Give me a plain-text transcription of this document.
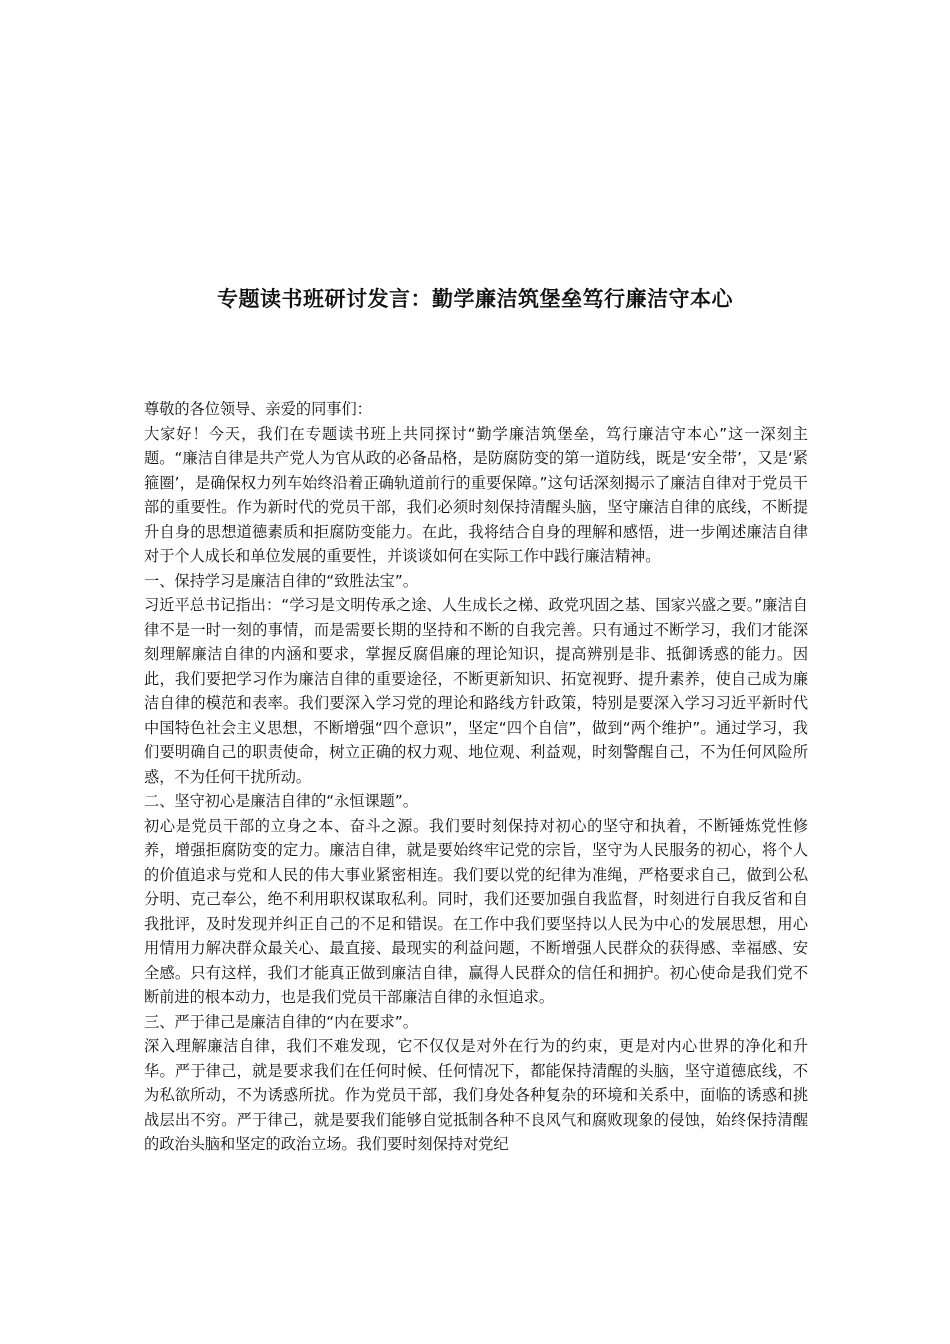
专题读书班研讨发言：勤学廉洁筑堡垒笃行廉洁守本心

尊敬的各位领导、亲爱的同事们：

大家好！今天，我们在专题读书班上共同探讨“勤学廉洁筑堡垒，笃行廉洁守本心”这一深刻主题。“廉洁自律是共产党人为官从政的必备品格，是防腐防变的第一道防线，既是‘安全带’，又是‘紧箍圈’，是确保权力列车始终沿着正确轨道前行的重要保障。”这句话深刻揭示了廉洁自律对于党员干部的重要性。作为新时代的党员干部，我们必须时刻保持清醒头脑，坚守廉洁自律的底线，不断提升自身的思想道德素质和拒腐防变能力。在此，我将结合自身的理解和感悟，进一步阐述廉洁自律对于个人成长和单位发展的重要性，并谈谈如何在实际工作中践行廉洁精神。

一、保持学习是廉洁自律的“致胜法宝”。

习近平总书记指出：“学习是文明传承之途、人生成长之梯、政党巩固之基、国家兴盛之要。”廉洁自律不是一时一刻的事情，而是需要长期的坚持和不断的自我完善。只有通过不断学习，我们才能深刻理解廉洁自律的内涵和要求，掌握反腐倡廉的理论知识，提高辨别是非、抵御诱惑的能力。因此，我们要把学习作为廉洁自律的重要途径，不断更新知识、拓宽视野、提升素养，使自己成为廉洁自律的模范和表率。我们要深入学习党的理论和路线方针政策，特别是要深入学习习近平新时代中国特色社会主义思想，不断增强“四个意识”，坚定“四个自信”，做到“两个维护”。通过学习，我们要明确自己的职责使命，树立正确的权力观、地位观、利益观，时刻警醒自己，不为任何风险所惑，不为任何干扰所动。

二、坚守初心是廉洁自律的“永恒课题”。

初心是党员干部的立身之本、奋斗之源。我们要时刻保持对初心的坚守和执着，不断锤炼党性修养，增强拒腐防变的定力。廉洁自律，就是要始终牢记党的宗旨，坚守为人民服务的初心，将个人的价值追求与党和人民的伟大事业紧密相连。我们要以党的纪律为准绳，严格要求自己，做到公私分明、克己奉公，绝不利用职权谋取私利。同时，我们还要加强自我监督，时刻进行自我反省和自我批评，及时发现并纠正自己的不足和错误。在工作中我们要坚持以人民为中心的发展思想，用心用情用力解决群众最关心、最直接、最现实的利益问题，不断增强人民群众的获得感、幸福感、安全感。只有这样，我们才能真正做到廉洁自律，赢得人民群众的信任和拥护。初心使命是我们党不断前进的根本动力，也是我们党员干部廉洁自律的永恒追求。

三、严于律己是廉洁自律的“内在要求”。

深入理解廉洁自律，我们不难发现，它不仅仅是对外在行为的约束，更是对内心世界的净化和升华。严于律己，就是要求我们在任何时候、任何情况下，都能保持清醒的头脑，坚守道德底线，不为私欲所动，不为诱惑所扰。作为党员干部，我们身处各种复杂的环境和关系中，面临的诱惑和挑战层出不穷。严于律己，就是要我们能够自觉抵制各种不良风气和腐败现象的侵蚀，始终保持清醒的政治头脑和坚定的政治立场。我们要时刻保持对党纪
